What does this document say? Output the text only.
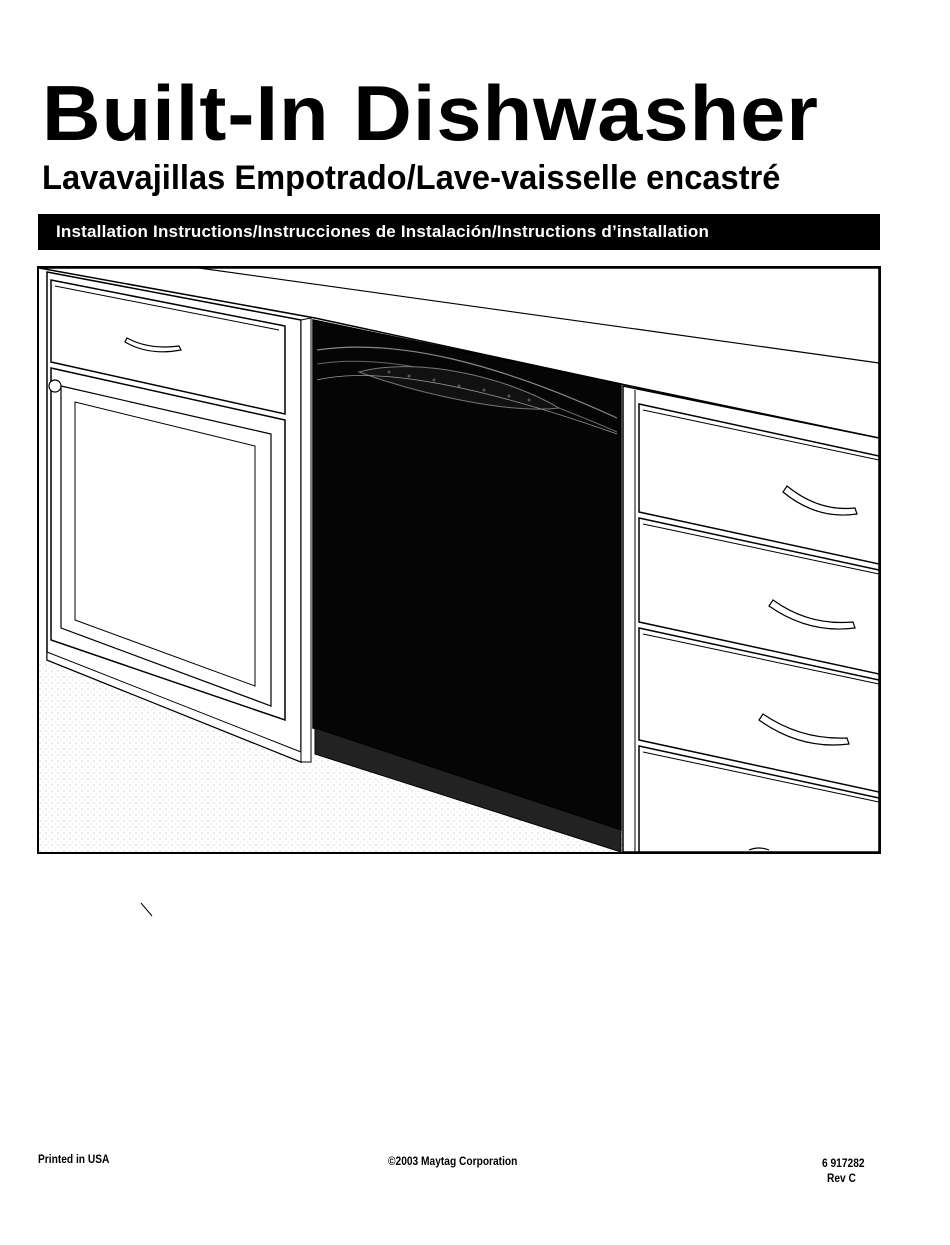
Built-In Dishwasher
Lavavajillas Empotrado/Lave-vaisselle encastré
Installation Instructions/Instrucciones de Instalación/Instructions d’installation
Printed in USA	©2003 Maytag Corporation	6 917282
Rev C
